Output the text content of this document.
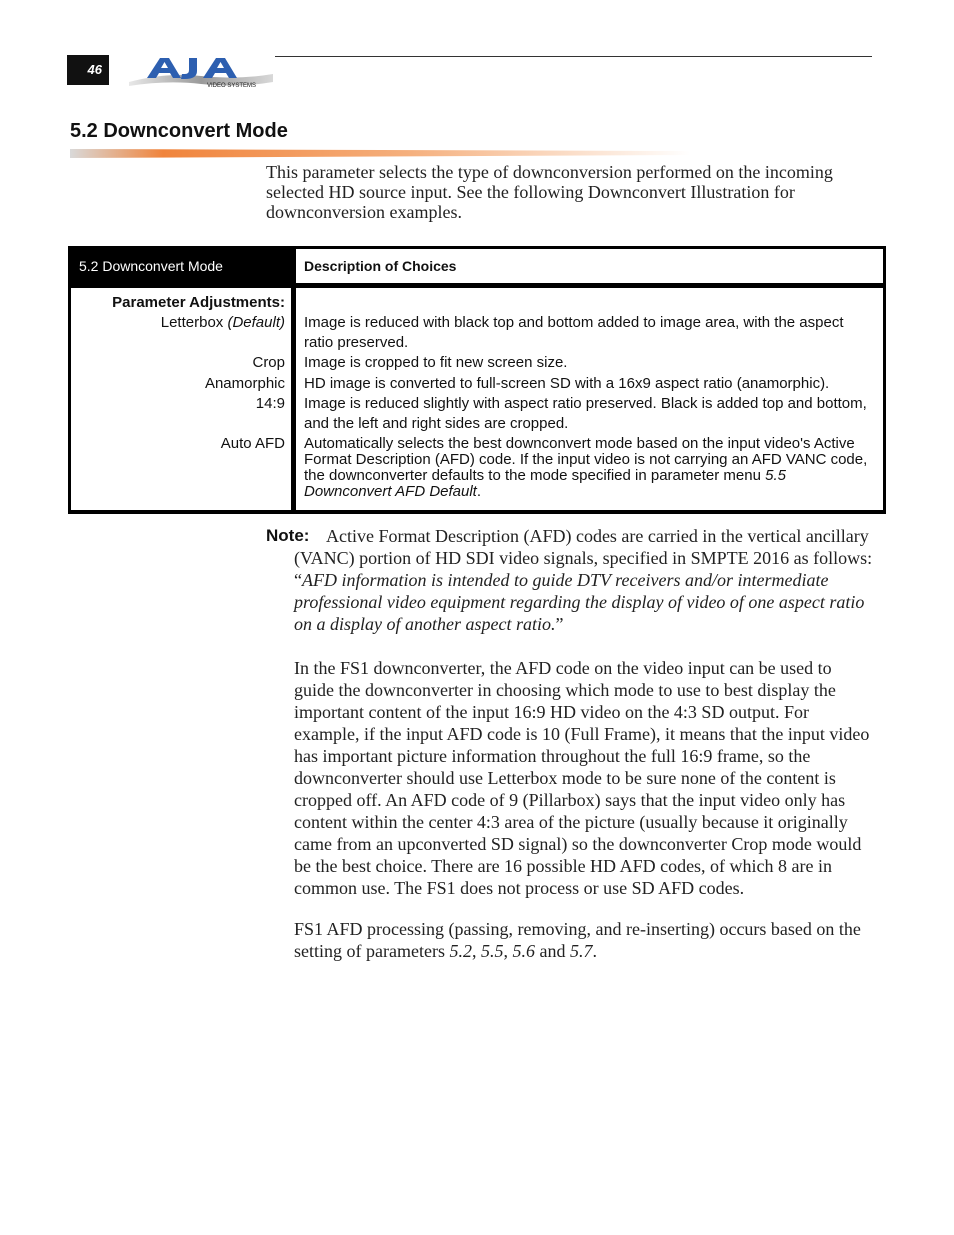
46
VIDEO SYSTEMS
5.2 Downconvert Mode
This parameter selects the type of downconversion performed on the incoming selected HD source input. See the following Downconvert Illustration for downconversion examples.
5.2 Downconvert Mode	Description of Choices
Parameter Adjustments:
Letterbox (Default)
Crop
Anamorphic
14:9
Auto AFD
Image is reduced with black top and bottom added to image area, with the aspect ratio preserved.
Image is cropped to fit new screen size.
HD image is converted to full-screen SD with a 16x9 aspect ratio (anamorphic).
Image is reduced slightly with aspect ratio preserved. Black is added top and bottom, and the left and right sides are cropped.
Automatically selects the best downconvert mode based on the input video's Active Format Description (AFD) code. If the input video is not carrying an AFD VANC code, the downconverter defaults to the mode specified in parameter menu 5.5 Downconvert AFD Default.
Note: Active Format Description (AFD) codes are carried in the vertical ancillary (VANC) portion of HD SDI video signals, specified in SMPTE 2016 as follows: “AFD information is intended to guide DTV receivers and/or intermediate professional video equipment regarding the display of video of one aspect ratio on a display of another aspect ratio.”
In the FS1 downconverter, the AFD code on the video input can be used to guide the downconverter in choosing which mode to use to best display the important content of the input 16:9 HD video on the 4:3 SD output. For example, if the input AFD code is 10 (Full Frame), it means that the input video has important picture information throughout the full 16:9 frame, so the downconverter should use Letterbox mode to be sure none of the content is cropped off. An AFD code of 9 (Pillarbox) says that the input video only has content within the center 4:3 area of the picture (usually because it originally came from an upconverted SD signal) so the downconverter Crop mode would be the best choice. There are 16 possible HD AFD codes, of which 8 are in common use. The FS1 does not process or use SD AFD codes.
FS1 AFD processing (passing, removing, and re-inserting) occurs based on the setting of parameters 5.2, 5.5, 5.6 and 5.7.
